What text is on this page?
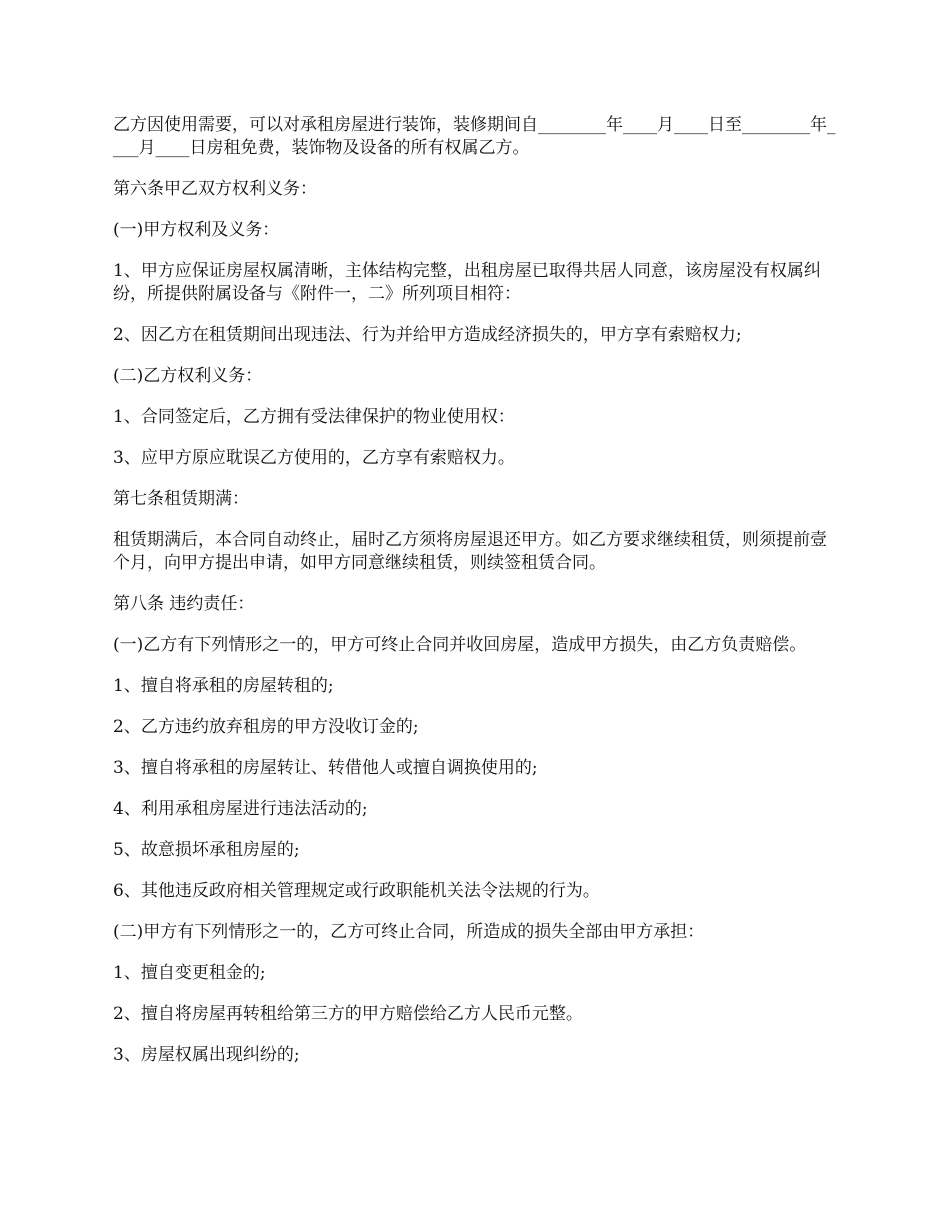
乙方因使用需要，可以对承租房屋进行装饰，装修期间自________年____月____日至________年____月____日房租免费，装饰物及设备的所有权属乙方。

第六条甲乙双方权利义务：

(一)甲方权利及义务：

1、甲方应保证房屋权属清晰，主体结构完整，出租房屋已取得共居人同意，该房屋没有权属纠纷，所提供附属设备与《附件一，二》所列项目相符：

2、因乙方在租赁期间出现违法、行为并给甲方造成经济损失的，甲方享有索赔权力;

(二)乙方权利义务：

1、合同签定后，乙方拥有受法律保护的物业使用权：

3、应甲方原应耽误乙方使用的，乙方享有索赔权力。

第七条租赁期满：

租赁期满后，本合同自动终止，届时乙方须将房屋退还甲方。如乙方要求继续租赁，则须提前壹个月，向甲方提出申请，如甲方同意继续租赁，则续签租赁合同。

第八条 违约责任：

(一)乙方有下列情形之一的，甲方可终止合同并收回房屋，造成甲方损失，由乙方负责赔偿。

1、擅自将承租的房屋转租的;

2、乙方违约放弃租房的甲方没收订金的;

3、擅自将承租的房屋转让、转借他人或擅自调换使用的;

4、利用承租房屋进行违法活动的;

5、故意损坏承租房屋的;

6、其他违反政府相关管理规定或行政职能机关法令法规的行为。

(二)甲方有下列情形之一的，乙方可终止合同，所造成的损失全部由甲方承担：

1、擅自变更租金的;

2、擅自将房屋再转租给第三方的甲方赔偿给乙方人民币元整。

3、房屋权属出现纠纷的;
